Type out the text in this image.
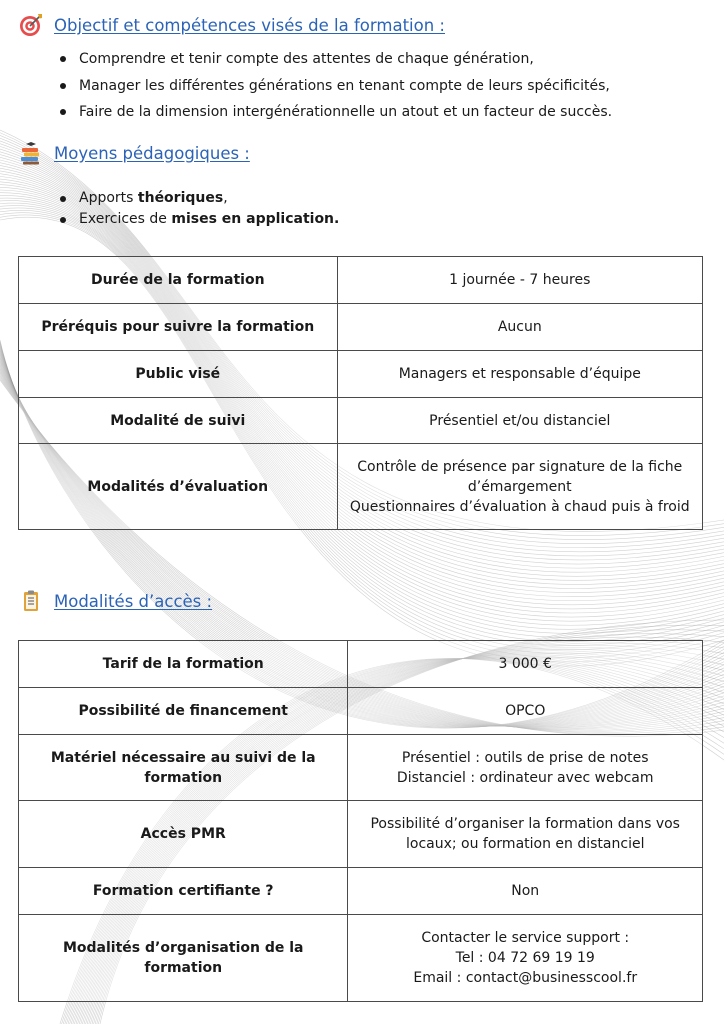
Objectif et compétences visés de la formation :
Comprendre et tenir compte des attentes de chaque génération,
Manager les différentes générations en tenant compte de leurs spécificités,
Faire de la dimension intergénérationnelle un atout et un facteur de succès.
Moyens pédagogiques :
Apports théoriques,
Exercices de mises en application.
Durée de la formation	1 journée - 7 heures
Préréquis pour suivre la formation	Aucun
Public visé	Managers et responsable d’équipe
Modalité de suivi	Présentiel et/ou distanciel
Modalités d’évaluation	Contrôle de présence par signature de la fiche
d’émargement
Questionnaires d’évaluation à chaud puis à froid
Modalités d’accès :
Tarif de la formation	3 000 €
Possibilité de financement	OPCO

Matériel nécessaire au suivi de la
formation	Présentiel : outils de prise de notes
Distanciel : ordinateur avec webcam

Accès PMR	Possibilité d’organiser la formation dans vos
locaux; ou formation en distanciel

Formation certifiante ?	Non
Modalités d’organisation de la formation	Contacter le service support :
Tel : 04 72 69 19 19
Email : contact@businesscool.fr
